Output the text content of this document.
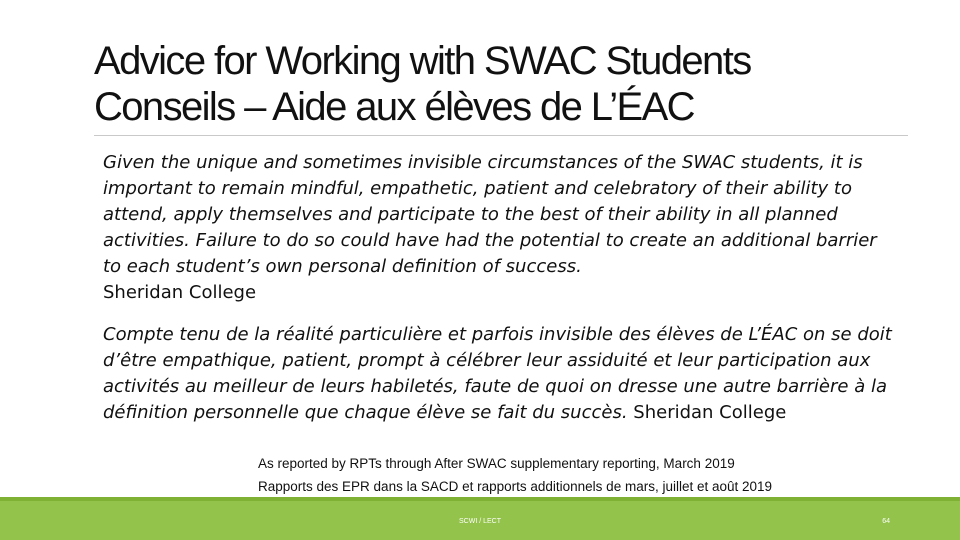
Advice for Working with SWAC Students
Conseils – Aide aux élèves de L’ÉAC
Given the unique and sometimes invisible circumstances of the SWAC students, it is important to remain mindful, empathetic, patient and celebratory of their ability to attend, apply themselves and participate to the best of their ability in all planned activities. Failure to do so could have had the potential to create an additional barrier to each student’s own personal definition of success.
Sheridan College
Compte tenu de la réalité particulière et parfois invisible des élèves de L’ÉAC on se doit d’être empathique, patient, prompt à célébrer leur assiduité et leur participation aux activités au meilleur de leurs habiletés, faute de quoi on dresse une autre barrière à la définition personnelle que chaque élève se fait du succès. Sheridan College
As reported by RPTs through After SWAC supplementary reporting, March 2019
Rapports des EPR dans la SACD et rapports additionnels de mars, juillet et août 2019
SCWI / LECT	64
